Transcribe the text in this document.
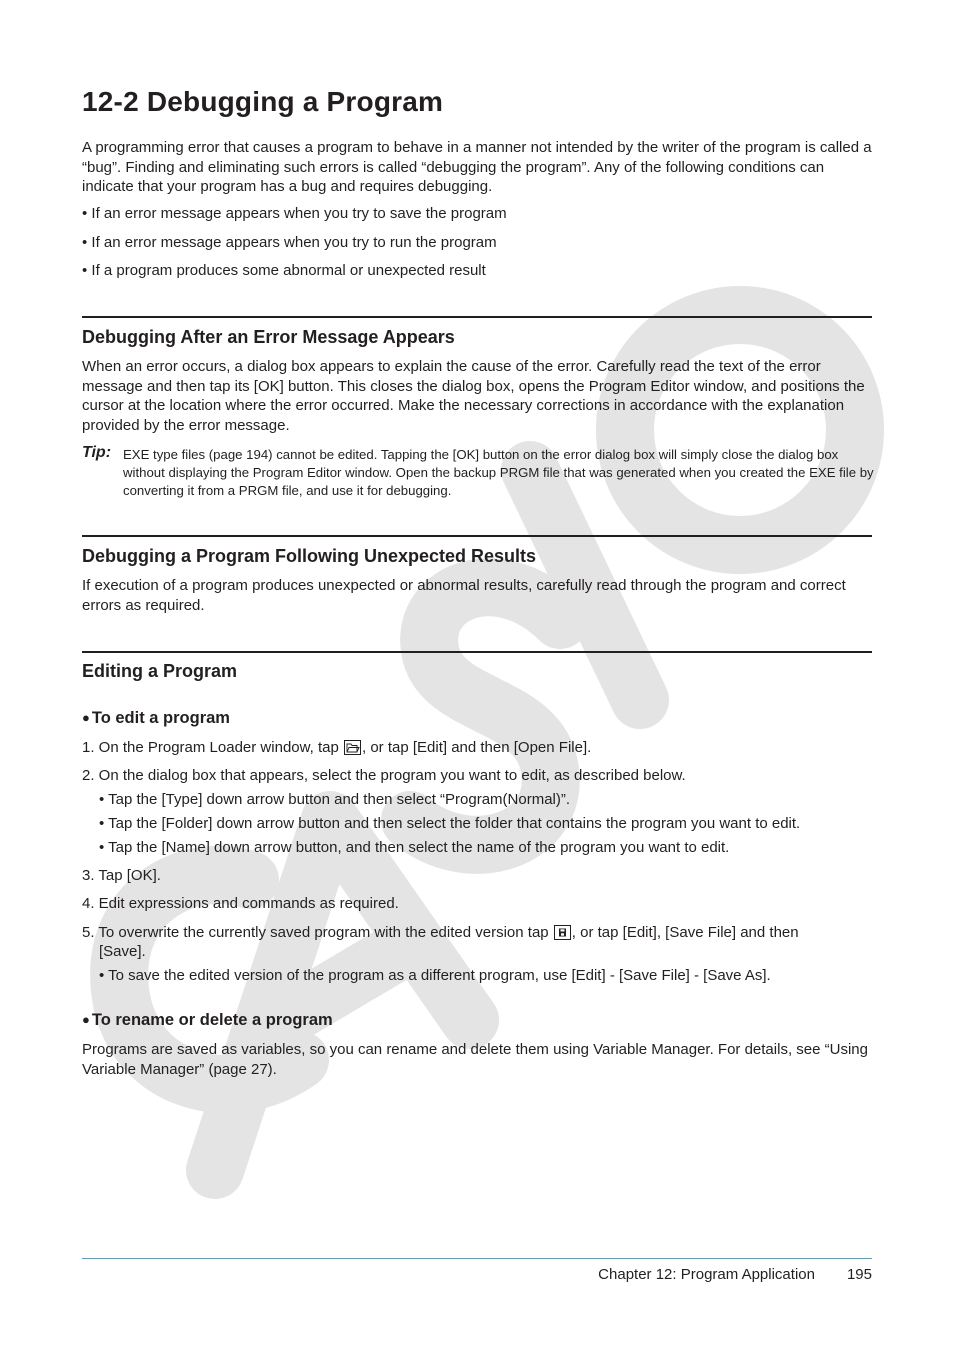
12-2 Debugging a Program

A programming error that causes a program to behave in a manner not intended by the writer of the program is called a “bug”. Finding and eliminating such errors is called “debugging the program”. Any of the following conditions can indicate that your program has a bug and requires debugging.

• If an error message appears when you try to save the program
• If an error message appears when you try to run the program
• If a program produces some abnormal or unexpected result
Debugging After an Error Message Appears

When an error occurs, a dialog box appears to explain the cause of the error. Carefully read the text of the error message and then tap its [OK] button. This closes the dialog box, opens the Program Editor window, and positions the cursor at the location where the error occurred. Make the necessary corrections in accordance with the explanation provided by the error message.

Tip: EXE type files (page 194) cannot be edited. Tapping the [OK] button on the error dialog box will simply close the dialog box without displaying the Program Editor window. Open the backup PRGM file that was generated when you created the EXE file by converting it from a PRGM file, and use it for debugging.

Debugging a Program Following Unexpected Results

If execution of a program produces unexpected or abnormal results, carefully read through the program and correct errors as required.

Editing a Program
● To edit a program
1. On the Program Loader window, tap
, or tap [Edit] and then [Open File].
2. On the dialog box that appears, select the program you want to edit, as described below.
• Tap the [Type] down arrow button and then select “Program(Normal)”.
• Tap the [Folder] down arrow button and then select the folder that contains the program you want to edit.
• Tap the [Name] down arrow button, and then select the name of the program you want to edit.
3. Tap [OK].
4. Edit expressions and commands as required.
5. To overwrite the currently saved program with the edited version tap
, or tap [Edit], [Save File] and then
[Save].
• To save the edited version of the program as a different program, use [Edit] - [Save File] - [Save As].
● To rename or delete a program

Programs are saved as variables, so you can rename and delete them using Variable Manager. For details, see “Using Variable Manager” (page 27).

Chapter 12: Program Application 195
